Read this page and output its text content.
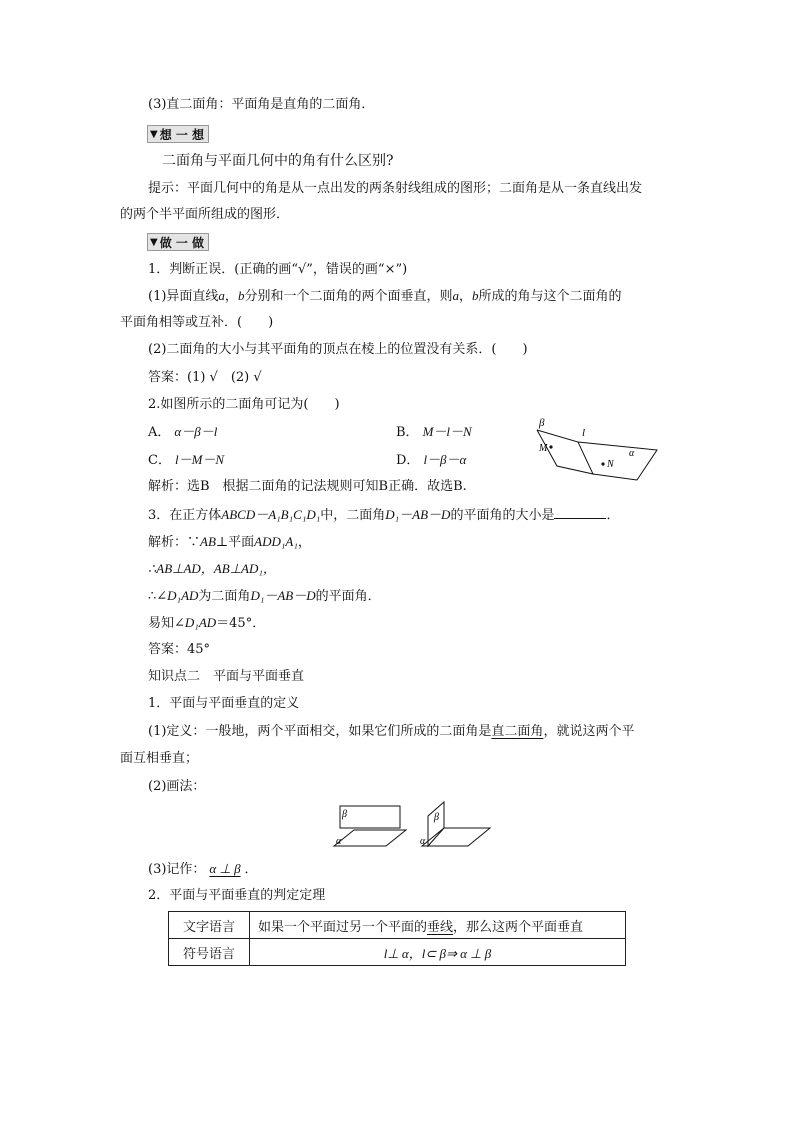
(3)直二面角：平面角是直角的二面角．
▼ 想 一 想
二面角与平面几何中的角有什么区别?
提示：平面几何中的角是从一点出发的两条射线组成的图形；二面角是从一条直线出发
的两个半平面所组成的图形．
▼ 做 一 做
1．判断正误．(正确的画“√”，错误的画“×”)
(1)异面直线a，b分别和一个二面角的两个面垂直，则a，b所成的角与这个二面角的
平面角相等或互补．(　　)
(2)二面角的大小与其平面角的顶点在棱上的位置没有关系．(　　)
答案：(1) √　(2) √
2.如图所示的二面角可记为(　　)
A． α－β－l	B． M－l－N
C． l－M－N	D． l－β－α
β
l
M
N
α
解析：选B　根据二面角的记法规则可知B正确．故选B.
3．在正方体ABCD－A₁B₁C₁D₁中，二面角D₁－AB－D的平面角的大小是	．
解析：∵AB⊥平面ADD₁A₁，
∴AB⊥AD，AB⊥AD₁，
∴∠D₁AD为二面角D₁－AB－D的平面角．
易知∠D₁AD＝45°．
答案：45°
知识点二　平面与平面垂直
1．平面与平面垂直的定义
(1)定义：一般地，两个平面相交，如果它们所成的二面角是直二面角，就说这两个平
面互相垂直；
(2)画法：
β
α
β
α
(3)记作： α ⊥ β ．
2．平面与平面垂直的判定定理
文字语言	如果一个平面过另一个平面的垂线，那么这两个平面垂直
符号语言	l⊥ α，l⊂ β⇒ α ⊥ β
